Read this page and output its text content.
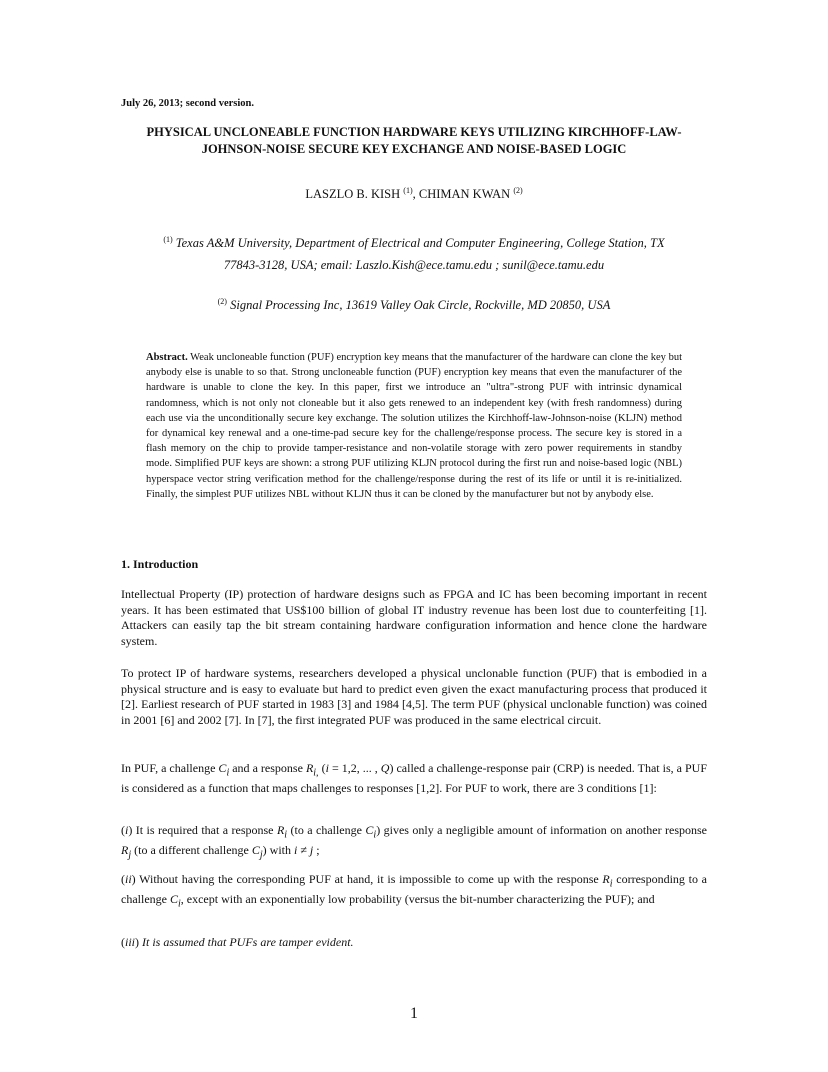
July 26, 2013; second version.
PHYSICAL UNCLONEABLE FUNCTION HARDWARE KEYS UTILIZING KIRCHHOFF-LAW-
JOHNSON-NOISE SECURE KEY EXCHANGE AND NOISE-BASED LOGIC
LASZLO B. KISH $^{(1)}$, CHIMAN KWAN $^{(2)}$
$^{(1)}$ Texas A&M University, Department of Electrical and Computer Engineering, College Station, TX
77843-3128, USA; email: Laszlo.Kish@ece.tamu.edu ; sunil@ece.tamu.edu
$^{(2)}$ Signal Processing Inc, 13619 Valley Oak Circle, Rockville, MD 20850, USA
Abstract. Weak uncloneable function (PUF) encryption key means that the manufacturer of the hardware can clone the key but anybody else is unable to so that. Strong uncloneable function (PUF) encryption key means that even the manufacturer of the hardware is unable to clone the key. In this paper, first we introduce an "ultra"-strong PUF with intrinsic dynamical randomness, which is not only not cloneable but it also gets renewed to an independent key (with fresh randomness) during each use via the unconditionally secure key exchange. The solution utilizes the Kirchhoff-law-Johnson-noise (KLJN) method for dynamical key renewal and a one-time-pad secure key for the challenge/response process. The secure key is stored in a flash memory on the chip to provide tamper-resistance and non-volatile storage with zero power requirements in standby mode. Simplified PUF keys are shown: a strong PUF utilizing KLJN protocol during the first run and noise-based logic (NBL) hyperspace vector string verification method for the challenge/response during the rest of its life or until it is re-initialized. Finally, the simplest PUF utilizes NBL without KLJN thus it can be cloned by the manufacturer but not by anybody else.
1. Introduction
Intellectual Property (IP) protection of hardware designs such as FPGA and IC has been becoming important in recent years. It has been estimated that US$100 billion of global IT industry revenue has been lost due to counterfeiting [1]. Attackers can easily tap the bit stream containing hardware configuration information and hence clone the hardware system.
To protect IP of hardware systems, researchers developed a physical unclonable function (PUF) that is embodied in a physical structure and is easy to evaluate but hard to predict even given the exact manufacturing process that produced it [2]. Earliest research of PUF started in 1983 [3] and 1984 [4,5]. The term PUF (physical unclonable function) was coined in 2001 [6] and 2002 [7]. In [7], the first integrated PUF was produced in the same electrical circuit.
In PUF, a challenge $C_i$ and a response $R_{i,}$ (i = 1,2, ... , Q) called a challenge-response pair (CRP) is needed. That is, a PUF is considered as a function that maps challenges to responses [1,2]. For PUF to work, there are 3 conditions [1]:
(i) It is required that a response $R_i$ (to a challenge $C_i$) gives only a negligible amount of information on another response $R_j$ (to a different challenge $C_j$) with i ≠ j ;
(ii) Without having the corresponding PUF at hand, it is impossible to come up with the response $R_i$ corresponding to a challenge $C_i$, except with an exponentially low probability (versus the bit-number characterizing the PUF); and
(iii) It is assumed that PUFs are tamper evident.
1
